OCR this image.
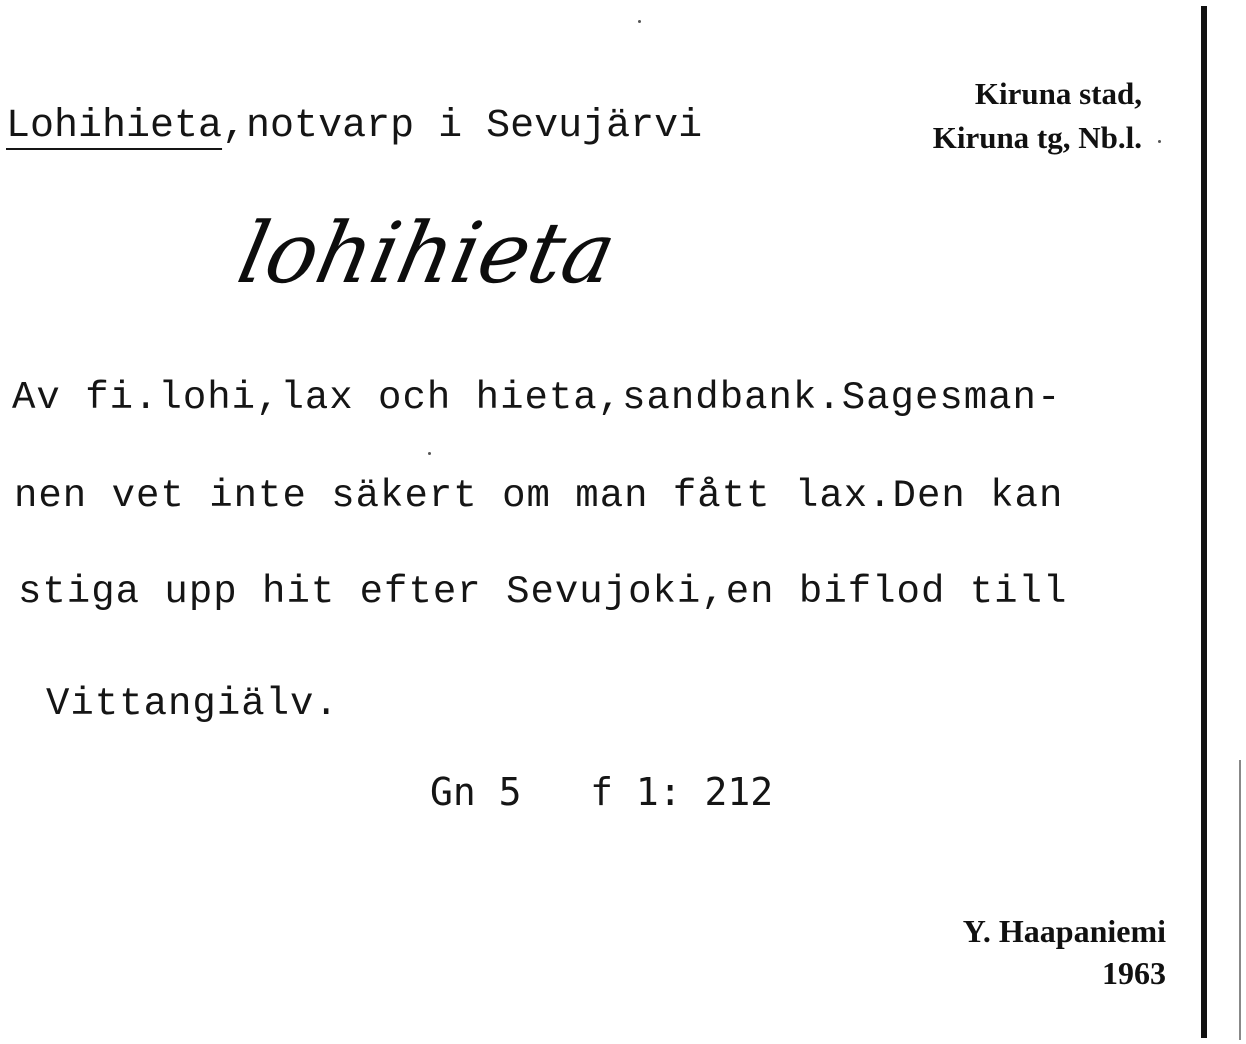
Lohihieta,notvarp i Sevujärvi
Kiruna stad,
Kiruna tg, Nb.l.
lohihieta
Av fi.lohi,lax och hieta,sandbank.Sagesman-
nen vet inte säkert om man fått lax.Den kan
stiga upp hit efter Sevujoki,en biflod till
Vittangiälv.
Gn 5   f 1: 212
Y. Haapaniemi
1963
